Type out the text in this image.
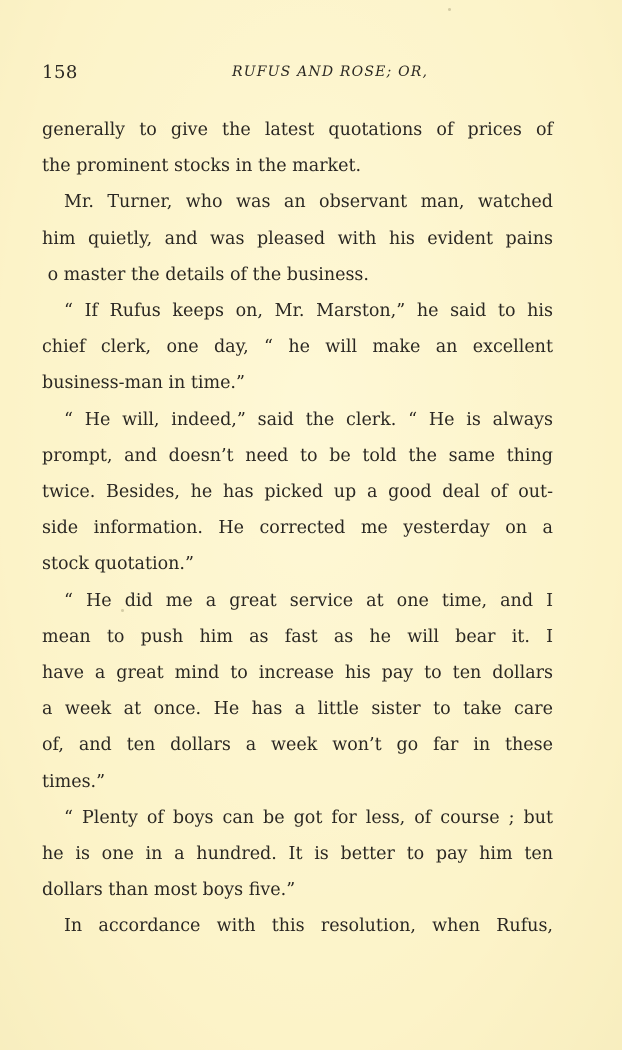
158	RUFUS AND ROSE; OR,
generally to give the latest quotations of prices of
the prominent stocks in the market.
Mr. Turner, who was an observant man, watched
him quietly, and was pleased with his evident pains
o master the details of the business.
“ If Rufus keeps on, Mr. Marston,” he said to his
chief clerk, one day, “ he will make an excellent
business-man in time.”
“ He will, indeed,” said the clerk. “ He is always
prompt, and doesn’t need to be told the same thing
twice. Besides, he has picked up a good deal of out-
side information. He corrected me yesterday on a
stock quotation.”
“ He did me a great service at one time, and I
mean to push him as fast as he will bear it. I
have a great mind to increase his pay to ten dollars
a week at once. He has a little sister to take care
of, and ten dollars a week won’t go far in these
times.”
“ Plenty of boys can be got for less, of course ; but
he is one in a hundred. It is better to pay him ten
dollars than most boys five.”
In accordance with this resolution, when Rufus,
